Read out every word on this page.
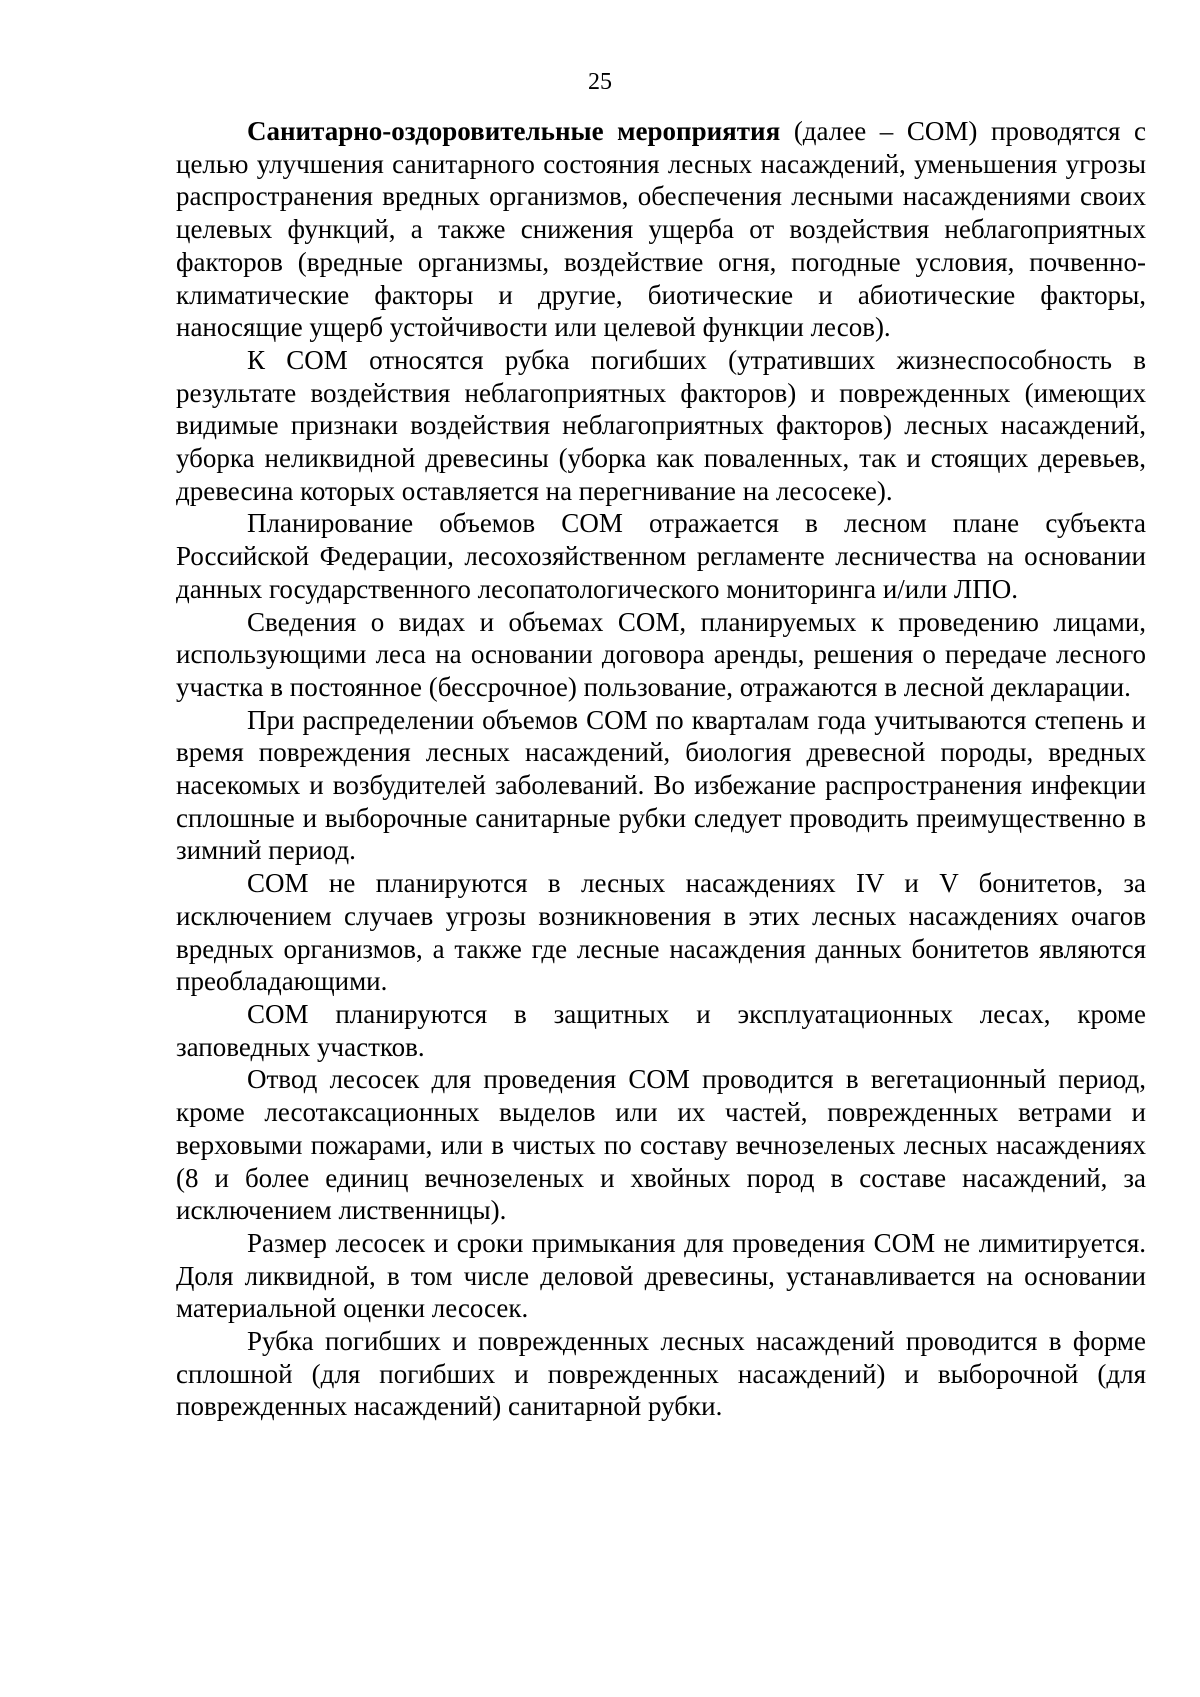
25

Санитарно-оздоровительные мероприятия (далее – СОМ) проводятся с целью улучшения санитарного состояния лесных насаждений, уменьшения угрозы распространения вредных организмов, обеспечения лесными насаждениями своих целевых функций, а также снижения ущерба от воздействия неблагоприятных факторов (вредные организмы, воздействие огня, погодные условия, почвенно-климатические факторы и другие, биотические и абиотические факторы, наносящие ущерб устойчивости или целевой функции лесов).

К СОМ относятся рубка погибших (утративших жизнеспособность в результате воздействия неблагоприятных факторов) и поврежденных (имеющих видимые признаки воздействия неблагоприятных факторов) лесных насаждений, уборка неликвидной древесины (уборка как поваленных, так и стоящих деревьев, древесина которых оставляется на перегнивание на лесосеке).

Планирование объемов СОМ отражается в лесном плане субъекта Российской Федерации, лесохозяйственном регламенте лесничества на основании данных государственного лесопатологического мониторинга и/или ЛПО.

Сведения о видах и объемах СОМ, планируемых к проведению лицами, использующими леса на основании договора аренды, решения о передаче лесного участка в постоянное (бессрочное) пользование, отражаются в лесной декларации.

При распределении объемов СОМ по кварталам года учитываются степень и время повреждения лесных насаждений, биология древесной породы, вредных насекомых и возбудителей заболеваний. Во избежание распространения инфекции сплошные и выборочные санитарные рубки следует проводить преимущественно в зимний период.

СОМ не планируются в лесных насаждениях IV и V бонитетов, за исключением случаев угрозы возникновения в этих лесных насаждениях очагов вредных организмов, а также где лесные насаждения данных бонитетов являются преобладающими.

СОМ планируются в защитных и эксплуатационных лесах, кроме заповедных участков.

Отвод лесосек для проведения СОМ проводится в вегетационный период, кроме лесотаксационных выделов или их частей, поврежденных ветрами и верховыми пожарами, или в чистых по составу вечнозеленых лесных насаждениях (8 и более единиц вечнозеленых и хвойных пород в составе насаждений, за исключением лиственницы).

Размер лесосек и сроки примыкания для проведения СОМ не лимитируется. Доля ликвидной, в том числе деловой древесины, устанавливается на основании материальной оценки лесосек.

Рубка погибших и поврежденных лесных насаждений проводится в форме сплошной (для погибших и поврежденных насаждений) и выборочной (для поврежденных насаждений) санитарной рубки.
